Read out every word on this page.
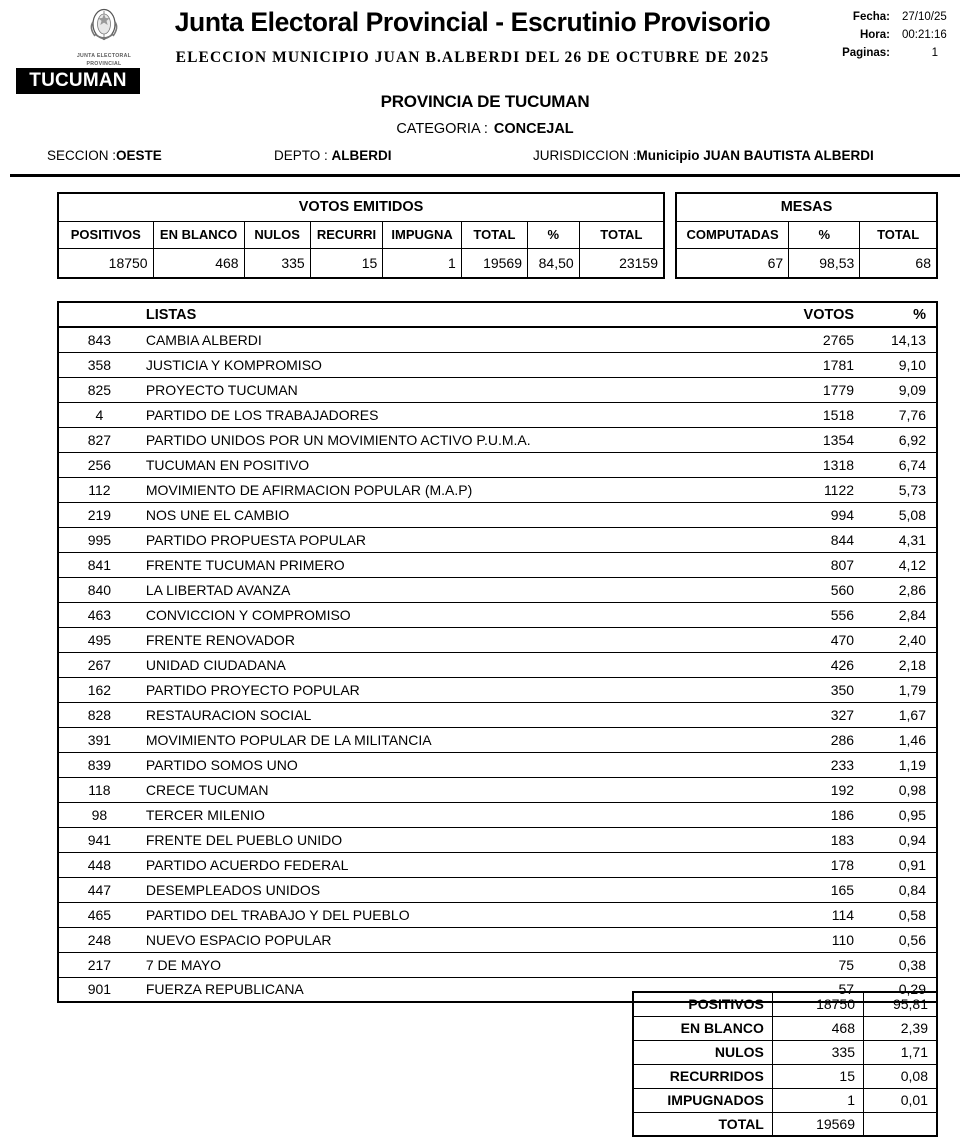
JUNTA ELECTORAL
PROVINCIAL
TUCUMAN
Junta Electoral Provincial - Escrutinio Provisorio
ELECCION MUNICIPIO JUAN B.ALBERDI DEL 26 DE OCTUBRE DE 2025
Fecha:	27/10/25
Hora:	00:21:16
Paginas:	1
PROVINCIA DE TUCUMAN
CATEGORIA : CONCEJAL
SECCION :OESTE	DEPTO : ALBERDI	JURISDICCION :Municipio JUAN BAUTISTA ALBERDI
VOTOS EMITIDOS							
POSITIVOS	EN BLANCO	NULOS	RECURRI	IMPUGNA	TOTAL	%	TOTAL
18750	468	335	15	1	19569	84,50	23159
MESAS		
COMPUTADAS	%	TOTAL
67	98,53	68
	LISTAS	VOTOS	%
843	CAMBIA ALBERDI	2765	14,13
358	JUSTICIA Y KOMPROMISO	1781	9,10
825	PROYECTO TUCUMAN	1779	9,09
4	PARTIDO DE LOS TRABAJADORES	1518	7,76
827	PARTIDO UNIDOS POR UN MOVIMIENTO ACTIVO P.U.M.A.	1354	6,92
256	TUCUMAN EN POSITIVO	1318	6,74
112	MOVIMIENTO DE AFIRMACION POPULAR (M.A.P)	1122	5,73
219	NOS UNE EL CAMBIO	994	5,08
995	PARTIDO PROPUESTA POPULAR	844	4,31
841	FRENTE TUCUMAN PRIMERO	807	4,12
840	LA LIBERTAD AVANZA	560	2,86
463	CONVICCION Y COMPROMISO	556	2,84
495	FRENTE RENOVADOR	470	2,40
267	UNIDAD CIUDADANA	426	2,18
162	PARTIDO PROYECTO POPULAR	350	1,79
828	RESTAURACION SOCIAL	327	1,67
391	MOVIMIENTO POPULAR DE LA MILITANCIA	286	1,46
839	PARTIDO SOMOS UNO	233	1,19
118	CRECE TUCUMAN	192	0,98
98	TERCER MILENIO	186	0,95
941	FRENTE DEL PUEBLO UNIDO	183	0,94
448	PARTIDO ACUERDO FEDERAL	178	0,91
447	DESEMPLEADOS UNIDOS	165	0,84
465	PARTIDO DEL TRABAJO Y DEL PUEBLO	114	0,58
248	NUEVO ESPACIO POPULAR	110	0,56
217	7 DE MAYO	75	0,38
901	FUERZA REPUBLICANA	57	0,29
POSITIVOS	18750	95,81
EN BLANCO	468	2,39
NULOS	335	1,71
RECURRIDOS	15	0,08
IMPUGNADOS	1	0,01
TOTAL	19569	
